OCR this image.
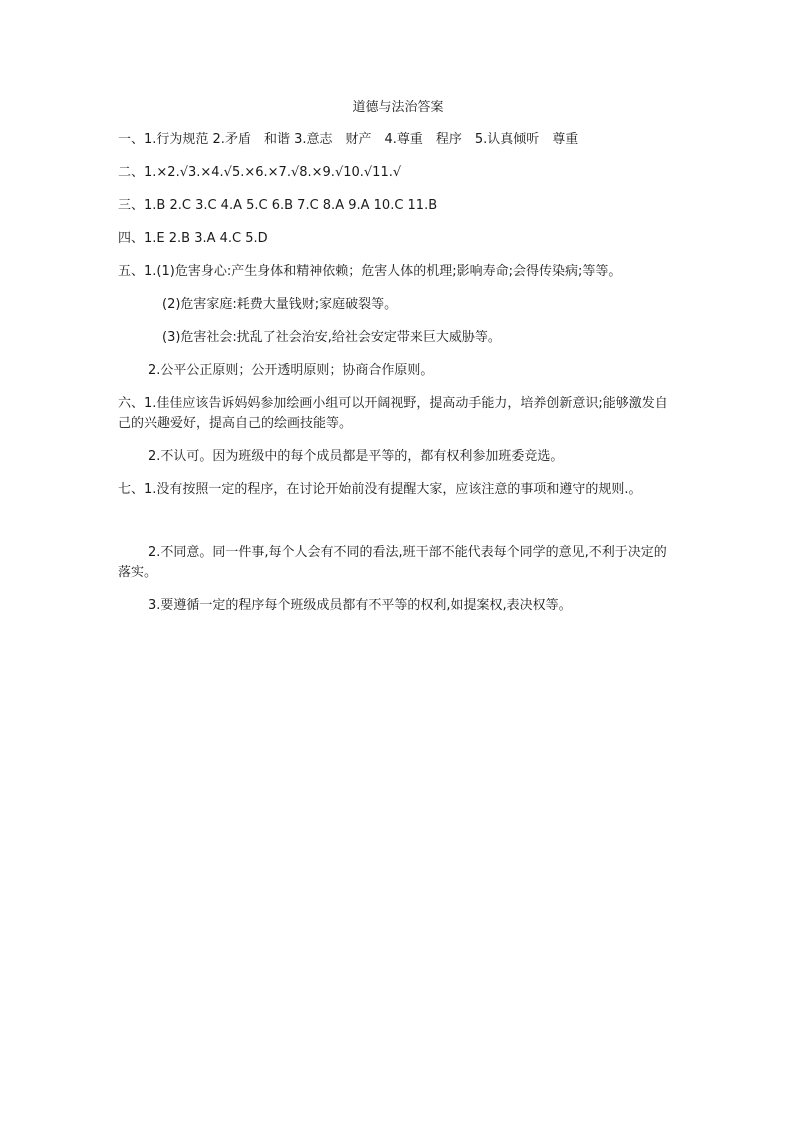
道德与法治答案
一、1.行为规范 2.矛盾　和谐 3.意志　财产　4.尊重　程序　5.认真倾听　尊重
二、1.×2.√3.×4.√5.×6.×7.√8.×9.√10.√11.√
三、1.B 2.C 3.C 4.A 5.C 6.B 7.C 8.A 9.A 10.C 11.B
四、1.E 2.B 3.A 4.C 5.D
五、1.(1)危害身心:产生身体和精神依赖；危害人体的机理;影响寿命;会得传染病;等等。
(2)危害家庭:耗费大量钱财;家庭破裂等。
(3)危害社会:扰乱了社会治安,给社会安定带来巨大威胁等。
2.公平公正原则；公开透明原则；协商合作原则。
六、1.佳佳应该告诉妈妈参加绘画小组可以开阔视野，提高动手能力，培养创新意识;能够激发自己的兴趣爱好，提高自己的绘画技能等。
2.不认可。因为班级中的每个成员都是平等的，都有权利参加班委竞选。
七、1.没有按照一定的程序，在讨论开始前没有提醒大家，应该注意的事项和遵守的规则.。
2.不同意。同一件事,每个人会有不同的看法,班干部不能代表每个同学的意见,不利于决定的落实。
3.要遵循一定的程序每个班级成员都有不平等的权利,如提案权,表决权等。
